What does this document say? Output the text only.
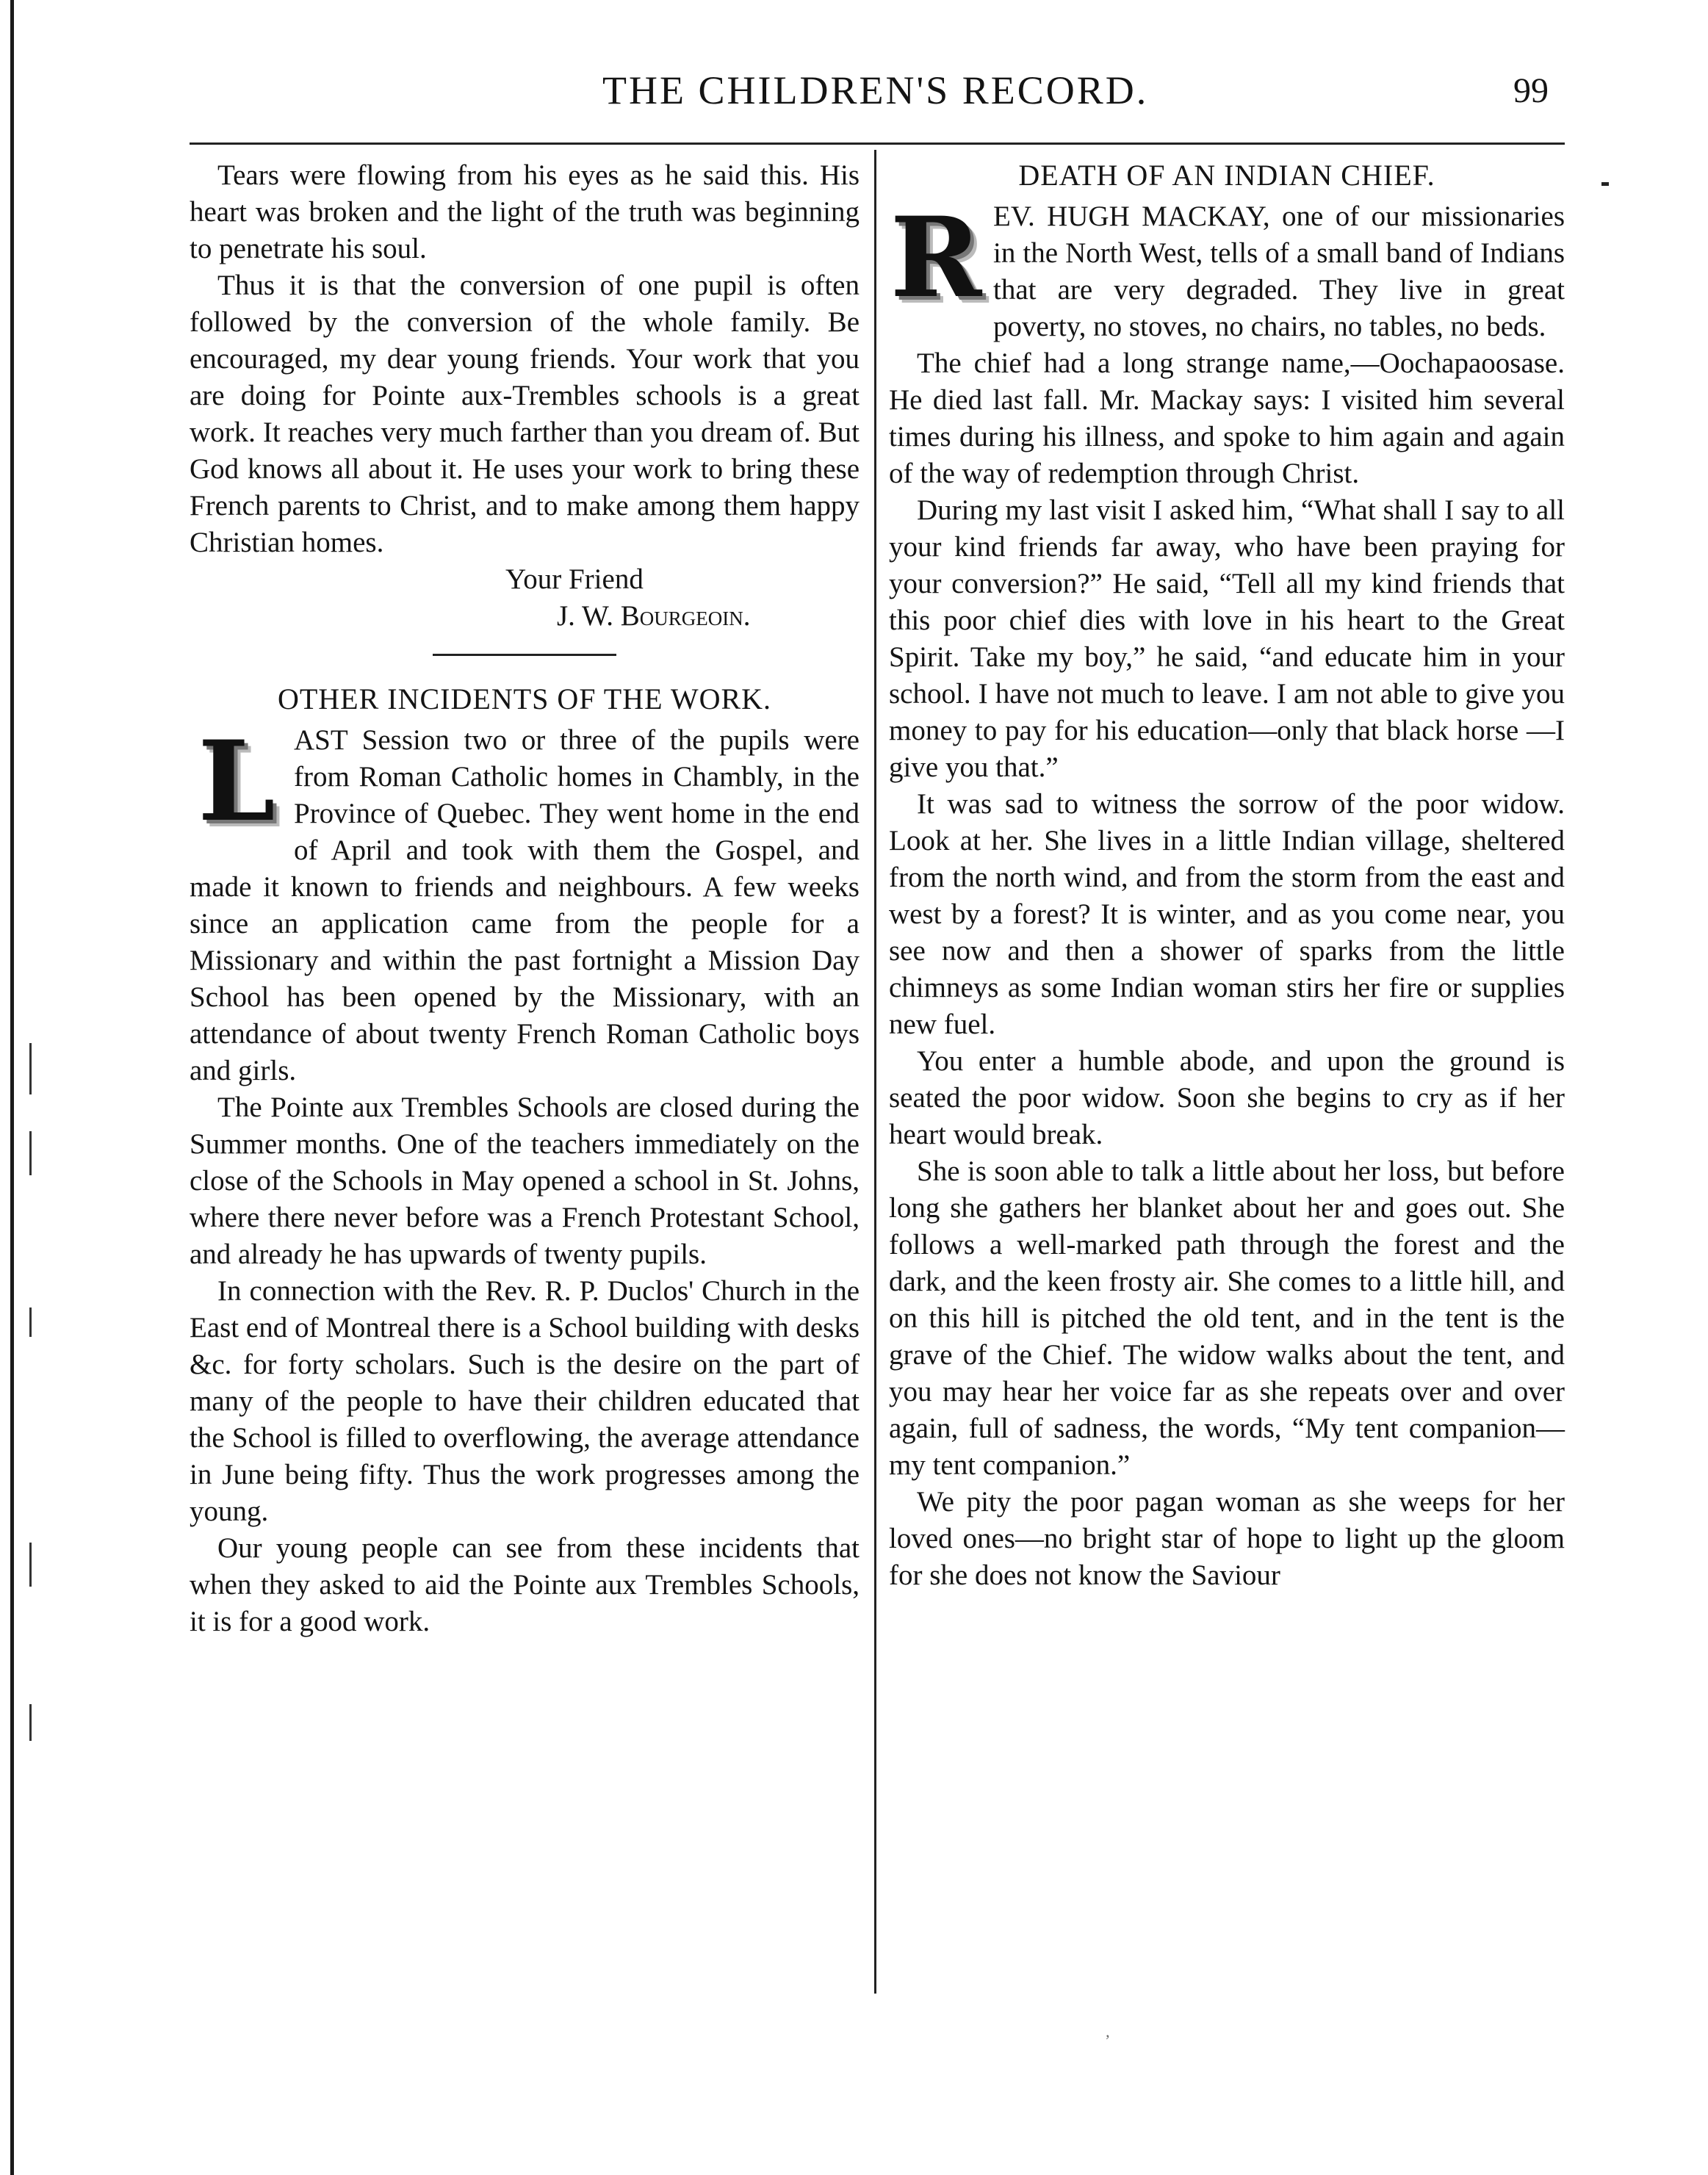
THE CHILDREN'S RECORD.	99

Tears were flowing from his eyes as he said this. His heart was broken and the light of the truth was beginning to penetrate his soul.

Thus it is that the conversion of one pupil is often followed by the conversion of the whole family. Be encouraged, my dear young friends. Your work that you are doing for Pointe aux-Trembles schools is a great work. It reaches very much farther than you dream of. But God knows all about it. He uses your work to bring these French parents to Christ, and to make among them happy Christian homes.

Your Friend
J. W. Bourgeoin.
OTHER INCIDENTS OF THE WORK.

LAST Session two or three of the pupils were from Roman Catholic homes in Chambly, in the Province of Quebec. They went home in the end of April and took with them the Gospel, and made it known to friends and neighbours. A few weeks since an application came from the people for a Missionary and within the past fortnight a Mission Day School has been opened by the Missionary, with an attendance of about twenty French Roman Catholic boys and girls.

The Pointe aux Trembles Schools are closed during the Summer months. One of the teachers immediately on the close of the Schools in May opened a school in St. Johns, where there never before was a French Protestant School, and already he has upwards of twenty pupils.

In connection with the Rev. R. P. Duclos' Church in the East end of Montreal there is a School building with desks &c. for forty scholars. Such is the desire on the part of many of the people to have their children educated that the School is filled to overflowing, the average attendance in June being fifty. Thus the work progresses among the young.

Our young people can see from these incidents that when they asked to aid the Pointe aux Trembles Schools, it is for a good work.

DEATH OF AN INDIAN CHIEF.

REV. HUGH MACKAY, one of our missionaries in the North West, tells of a small band of Indians that are very degraded. They live in great poverty, no stoves, no chairs, no tables, no beds.

The chief had a long strange name,—Oochapaoosase. He died last fall. Mr. Mackay says: I visited him several times during his illness, and spoke to him again and again of the way of redemption through Christ.

During my last visit I asked him, “What shall I say to all your kind friends far away, who have been praying for your conversion?” He said, “Tell all my kind friends that this poor chief dies with love in his heart to the Great Spirit. Take my boy,” he said, “and educate him in your school. I have not much to leave. I am not able to give you money to pay for his education—only that black horse —I give you that.”

It was sad to witness the sorrow of the poor widow. Look at her. She lives in a little Indian village, sheltered from the north wind, and from the storm from the east and west by a forest? It is winter, and as you come near, you see now and then a shower of sparks from the little chimneys as some Indian woman stirs her fire or supplies new fuel.

You enter a humble abode, and upon the ground is seated the poor widow. Soon she begins to cry as if her heart would break.

She is soon able to talk a little about her loss, but before long she gathers her blanket about her and goes out. She follows a well-marked path through the forest and the dark, and the keen frosty air. She comes to a little hill, and on this hill is pitched the old tent, and in the tent is the grave of the Chief. The widow walks about the tent, and you may hear her voice far as she repeats over and over again, full of sadness, the words, “My tent companion—my tent companion.”

We pity the poor pagan woman as she weeps for her loved ones—no bright star of hope to light up the gloom for she does not know the Saviour

’
